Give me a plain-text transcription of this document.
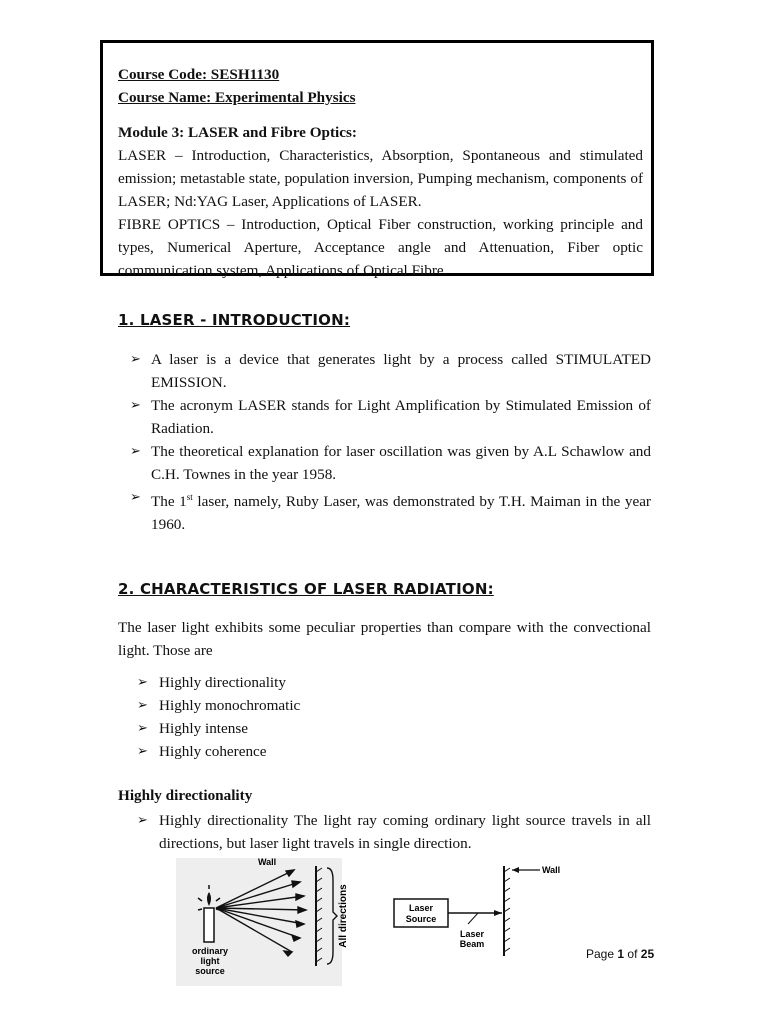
Course Code: SESH1130
Course Name: Experimental Physics
Module 3: LASER and Fibre Optics:

LASER – Introduction, Characteristics, Absorption, Spontaneous and stimulated emission; metastable state, population inversion, Pumping mechanism, components of LASER; Nd:YAG Laser, Applications of LASER.

FIBRE OPTICS – Introduction, Optical Fiber construction, working principle and types, Numerical Aperture, Acceptance angle and Attenuation, Fiber optic communication system, Applications of Optical Fibre.

1. LASER - INTRODUCTION:
➢ A laser is a device that generates light by a process called STIMULATED EMISSION.
➢ The acronym LASER stands for Light Amplification by Stimulated Emission of Radiation.
➢ The theoretical explanation for laser oscillation was given by A.L Schawlow and C.H. Townes in the year 1958.
➢ The 1st laser, namely, Ruby Laser, was demonstrated by T.H. Maiman in the year 1960.
2. CHARACTERISTICS OF LASER RADIATION:

The laser light exhibits some peculiar properties than compare with the convectional light. Those are

➢ Highly directionality
➢ Highly monochromatic
➢ Highly intense
➢ Highly coherence
Highly directionality
➢ Highly directionality The light ray coming ordinary light source travels in all directions, but laser light travels in single direction.
Wall
All directions
ordinary
light
source
Laser
Source
Laser
Beam
Wall
Page 1 of 25
